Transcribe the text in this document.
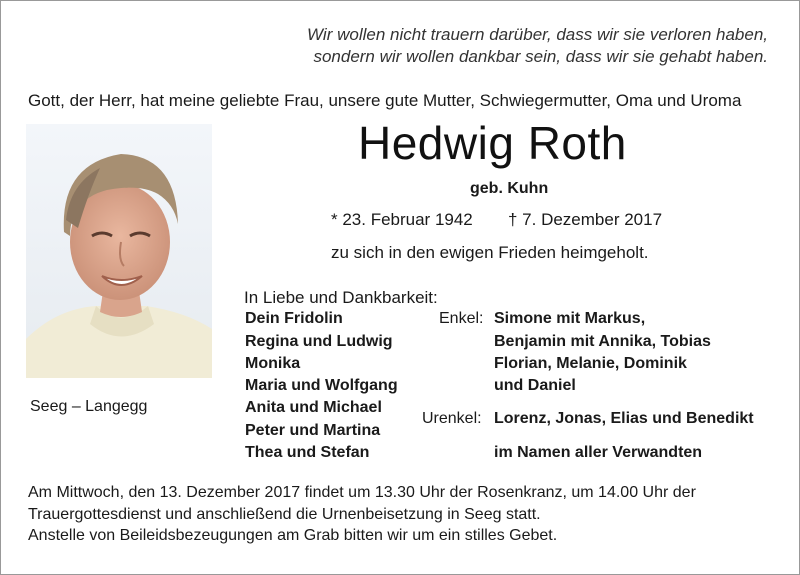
Wir wollen nicht trauern darüber, dass wir sie verloren haben,
sondern wir wollen dankbar sein, dass wir sie gehabt haben.
Gott, der Herr, hat meine geliebte Frau, unsere gute Mutter, Schwiegermutter, Oma und Uroma
Hedwig Roth
geb. Kuhn
* 23. Februar 1942 † 7. Dezember 2017
zu sich in den ewigen Frieden heimgeholt.
Seeg – Langegg
In Liebe und Dankbarkeit:
Dein Fridolin
Regina und Ludwig
Monika
Maria und Wolfgang
Anita und Michael
Peter und Martina
Thea und Stefan
Enkel: Simone mit Markus,
Benjamin mit Annika, Tobias
Florian, Melanie, Dominik
und Daniel
Urenkel: Lorenz, Jonas, Elias und Benedikt
im Namen aller Verwandten
Am Mittwoch, den 13. Dezember 2017 findet um 13.30 Uhr der Rosenkranz, um 14.00 Uhr der
Trauergottesdienst und anschließend die Urnenbeisetzung in Seeg statt.
Anstelle von Beileidsbezeugungen am Grab bitten wir um ein stilles Gebet.
